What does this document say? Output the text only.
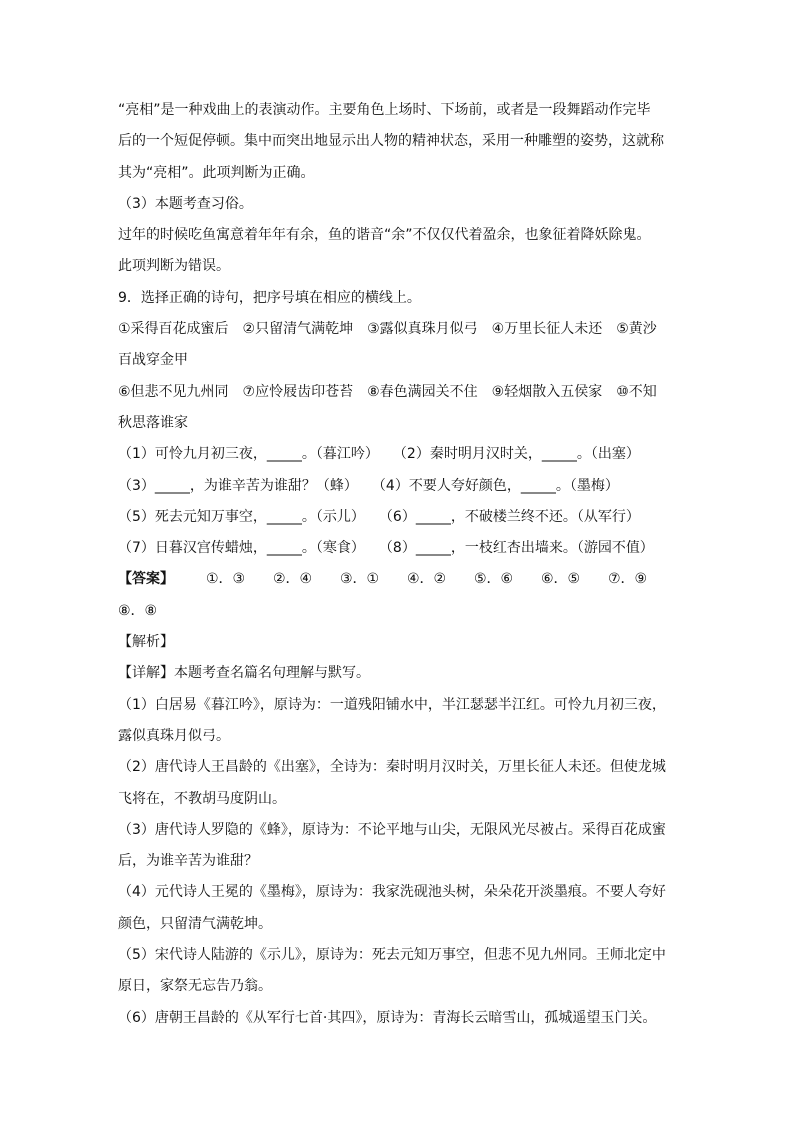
“亮相”是一种戏曲上的表演动作。主要角色上场时、下场前，或者是一段舞蹈动作完毕
后的一个短促停顿。集中而突出地显示出人物的精神状态，采用一种雕塑的姿势，这就称
其为“亮相”。此项判断为正确。
（3）本题考查习俗。
过年的时候吃鱼寓意着年年有余，鱼的谐音“余”不仅仅代着盈余，也象征着降妖除鬼。
此项判断为错误。
9．选择正确的诗句，把序号填在相应的横线上。
①采得百花成蜜后　②只留清气满乾坤　③露似真珠月似弓　④万里长征人未还　⑤黄沙
百战穿金甲
⑥但悲不见九州同　⑦应怜屐齿印苍苔　⑧春色满园关不住　⑨轻烟散入五侯家　⑩不知
秋思落谁家
（1）可怜九月初三夜，_____。（暮江吟）　　（2）秦时明月汉时关，_____。（出塞）
（3）_____，为谁辛苦为谁甜？（蜂）　　（4）不要人夸好颜色，_____。（墨梅）
（5）死去元知万事空，_____。（示儿）　　（6）_____，不破楼兰终不还。（从军行）
（7）日暮汉宫传蜡烛，_____。（寒食）　　（8）_____，一枝红杏出墙来。（游园不值）
【答案】	①．③	②．④	③．①	④．②	⑤．⑥	⑥．⑤	⑦．⑨
⑧．⑧
【解析】
【详解】本题考查名篇名句理解与默写。
（1）白居易《暮江吟》，原诗为：一道残阳铺水中，半江瑟瑟半江红。可怜九月初三夜，
露似真珠月似弓。
（2）唐代诗人王昌龄的《出塞》，全诗为：秦时明月汉时关，万里长征人未还。但使龙城
飞将在，不教胡马度阴山。
（3）唐代诗人罗隐的《蜂》，原诗为：不论平地与山尖，无限风光尽被占。采得百花成蜜
后，为谁辛苦为谁甜？
（4）元代诗人王冕的《墨梅》，原诗为：我家洗砚池头树，朵朵花开淡墨痕。不要人夸好
颜色，只留清气满乾坤。
（5）宋代诗人陆游的《示儿》，原诗为：死去元知万事空，但悲不见九州同。王师北定中
原日，家祭无忘告乃翁。
（6）唐朝王昌龄的《从军行七首·其四》，原诗为：青海长云暗雪山，孤城遥望玉门关。
